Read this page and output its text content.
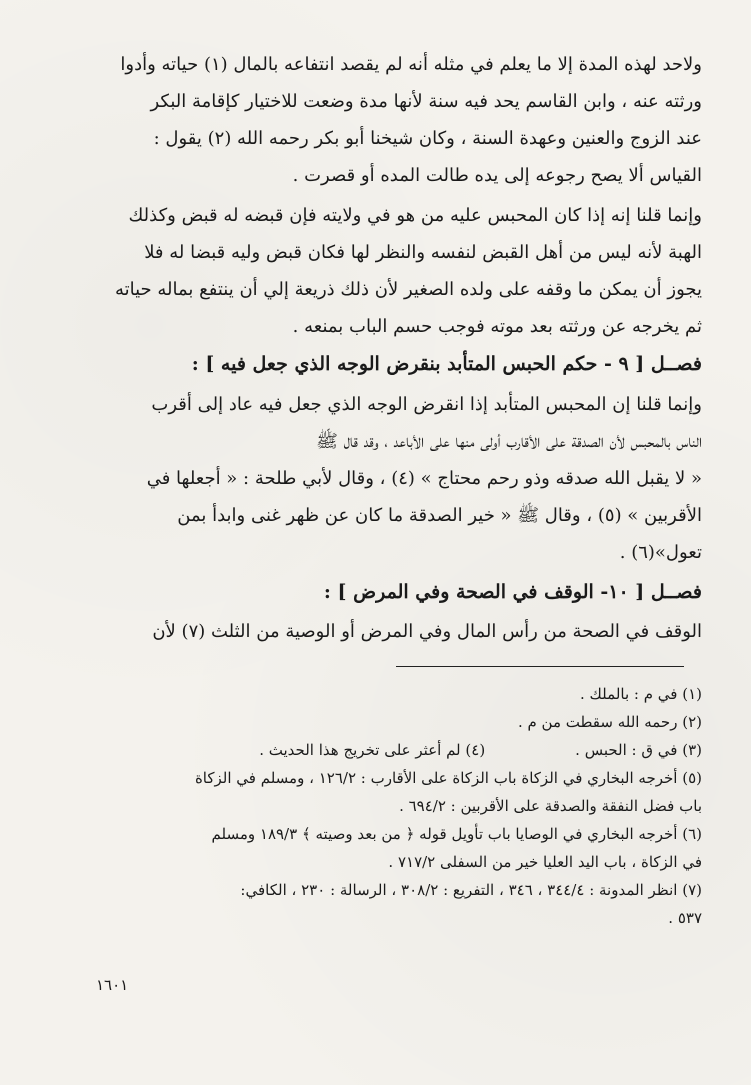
ولاحد لهذه المدة إلا ما يعلم في مثله أنه لم يقصد انتفاعه بالمال (١) حياته وأدوا
ورثته عنه ، وابن القاسم يحد فيه سنة لأنها مدة وضعت للاختيار كإقامة البكر
عند الزوج والعنين وعهدة السنة ، وكان شيخنا أبو بكر رحمه الله (٢) يقول :
القياس ألا يصح رجوعه إلى يده طالت المده أو قصرت .
وإنما قلنا إنه إذا كان المحبس عليه من هو في ولايته فإن قبضه له قبض وكذلك
الهبة لأنه ليس من أهل القبض لنفسه والنظر لها فكان قبض وليه قبضا له فلا
يجوز أن يمكن ما وقفه على ولده الصغير لأن ذلك ذريعة إلي أن ينتفع بماله حياته
ثم يخرجه عن ورثته بعد موته فوجب حسم الباب بمنعه .
فصــل [ ٩ - حكم الحبس المتأبد بنقرض الوجه الذي جعل فيه ] :
وإنما قلنا إن المحبس المتأبد إذا انقرض الوجه الذي جعل فيه عاد إلى أقرب
الناس بالمحبس لأن الصدقة على الأقارب أولى منها على الأباعد ، وقد قال ﷺ
« لا يقبل الله صدقه وذو رحم محتاج » (٤) ، وقال لأبي طلحة : « أجعلها في
الأقربين » (٥) ، وقال ﷺ « خير الصدقة ما كان عن ظهر غنى وابدأ بمن
تعول»(٦) .
فصــل [ ١٠- الوقف في الصحة وفي المرض ] :
الوقف في الصحة من رأس المال وفي المرض أو الوصية من الثلث (٧) لأن
(١) في م : بالملك .
(٢) رحمه الله سقطت من م .
(٣) في ق : الحبس .
(٤) لم أعثر على تخريج هذا الحديث .
(٥) أخرجه البخاري في الزكاة باب الزكاة على الأقارب : ١٢٦/٢ ، ومسلم في الزكاة
باب فضل النفقة والصدقة على الأقربين : ٦٩٤/٢ .
(٦) أخرجه البخاري في الوصايا باب تأويل قوله ﴿ من بعد وصيته ﴾ ١٨٩/٣ ومسلم
في الزكاة ، باب اليد العليا خير من السفلى ٧١٧/٢ .
(٧) انظر المدونة : ٣٤٤/٤ ، ٣٤٦ ، التفريع : ٣٠٨/٢ ، الرسالة : ٢٣٠ ، الكافي:
٥٣٧ .
١٦٠١
